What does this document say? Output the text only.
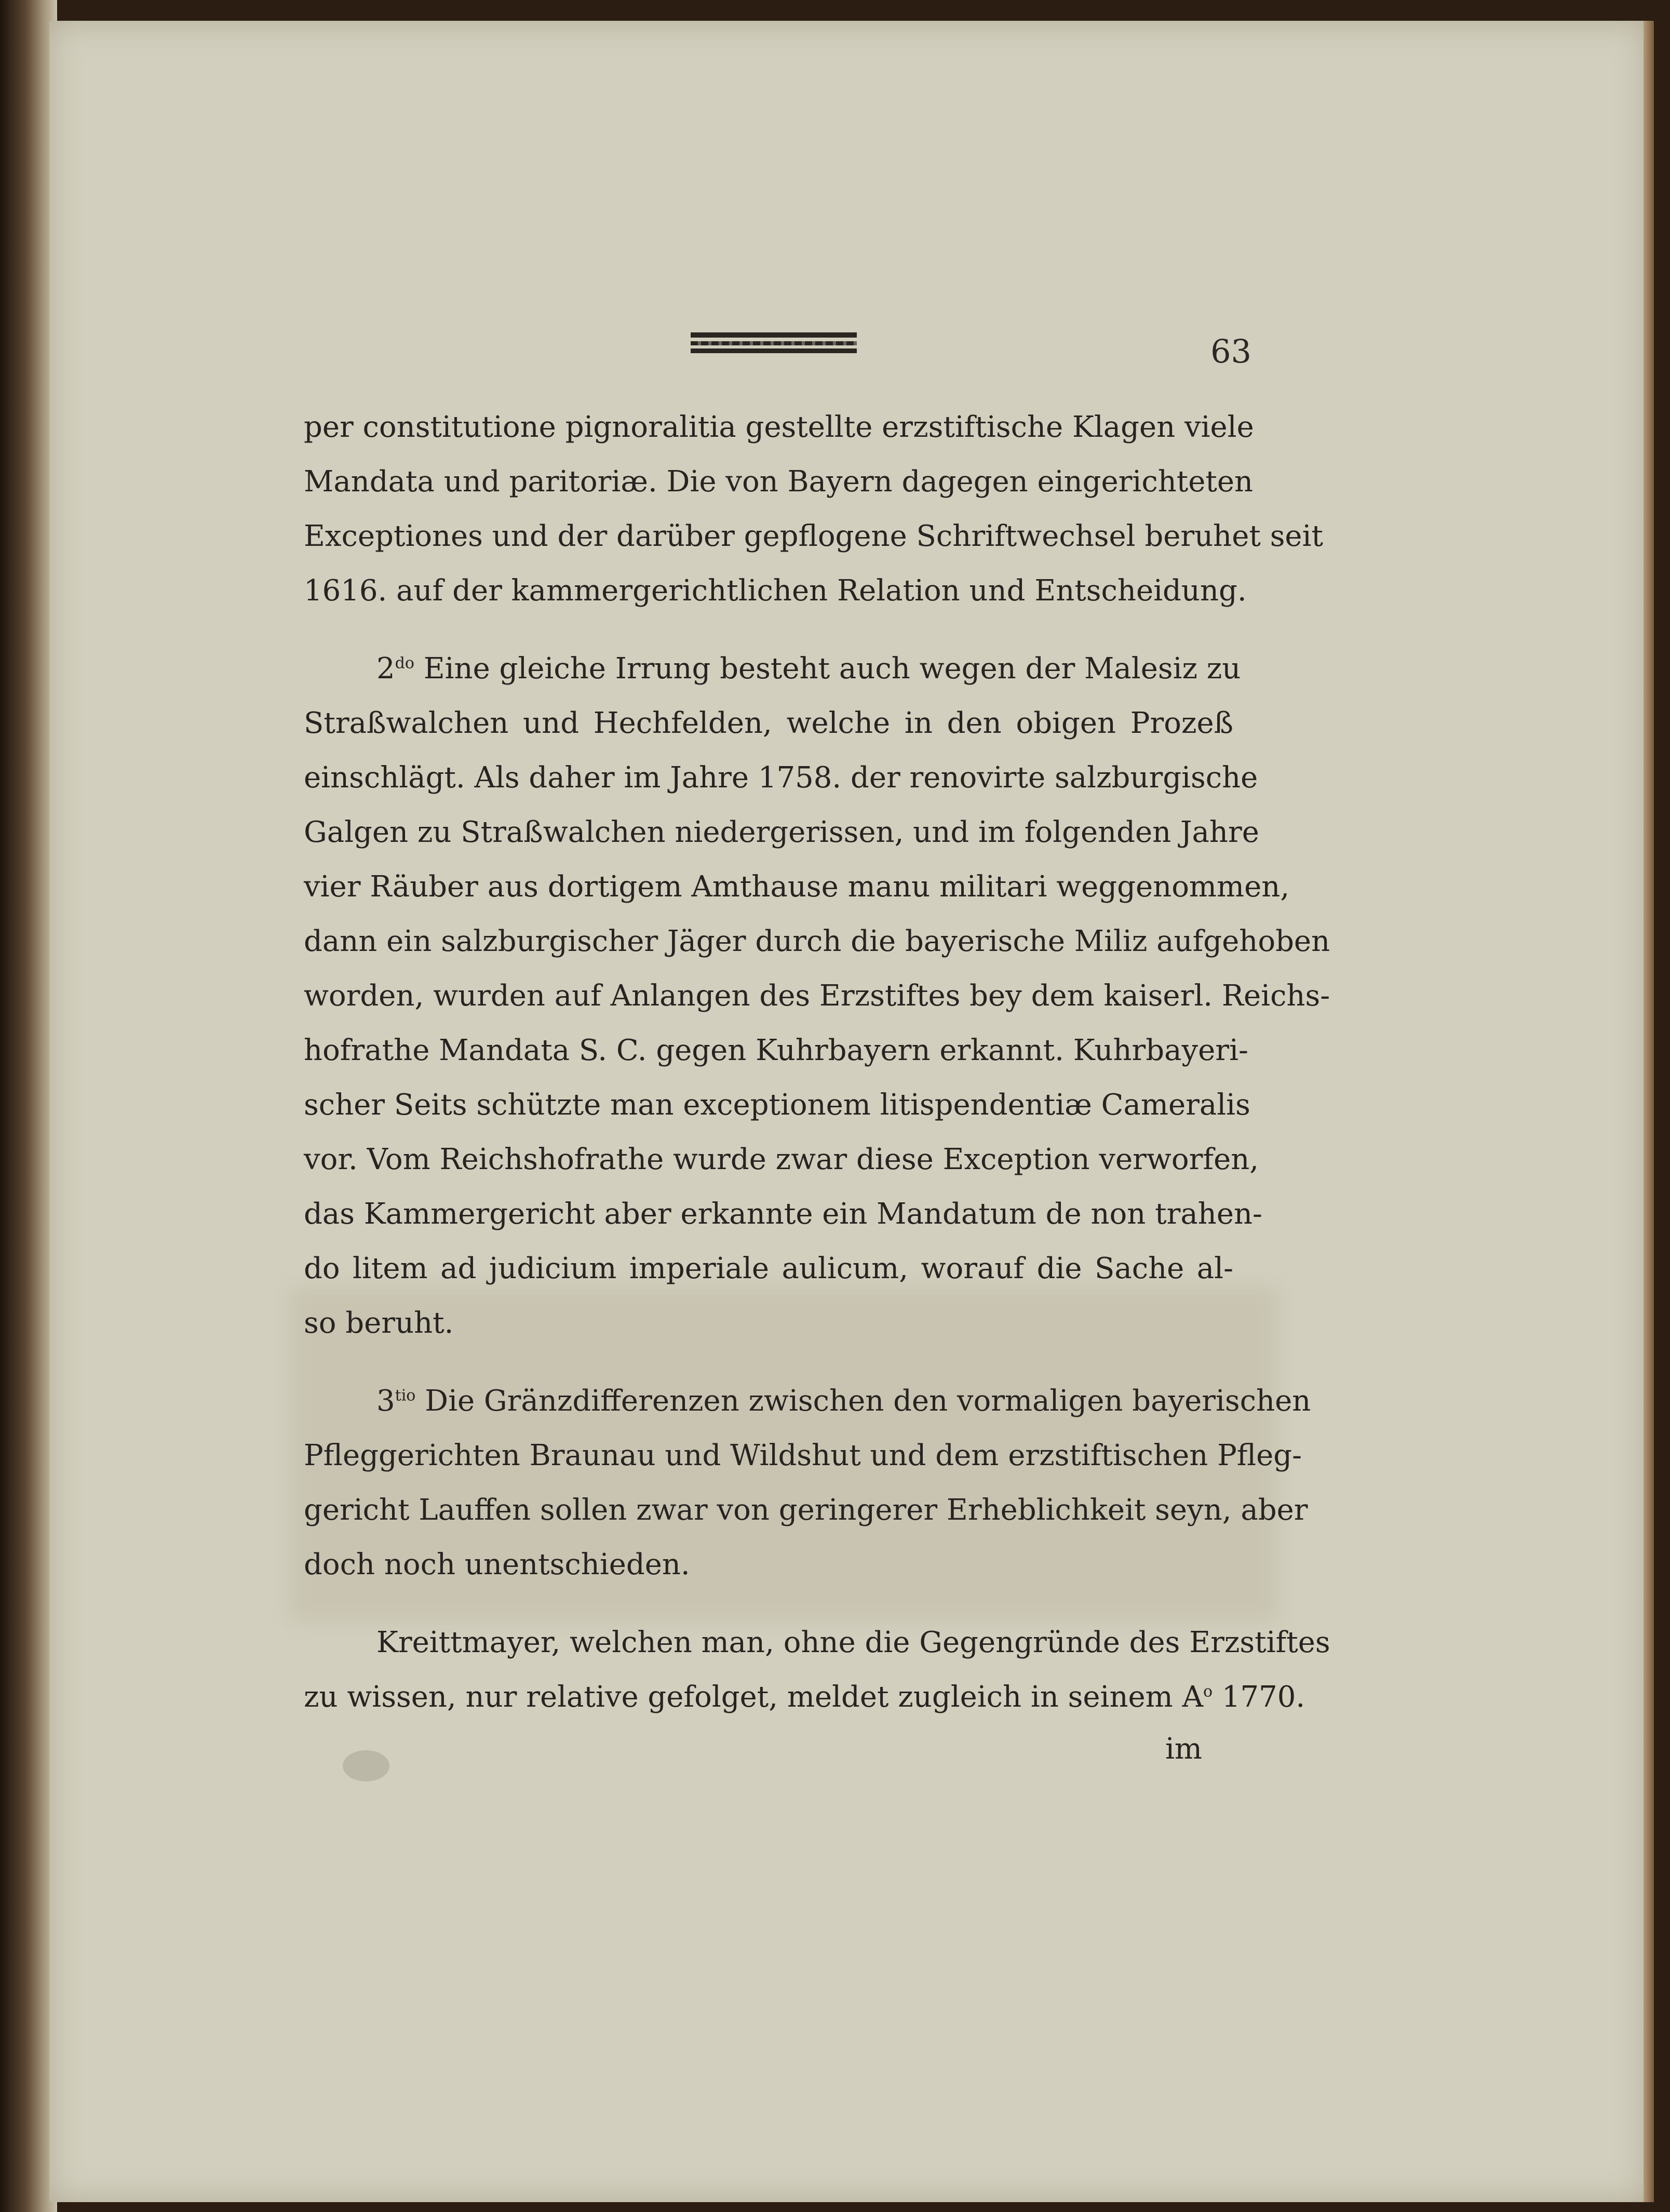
63
per constitutione pignoralitia gestellte erzstiftische Klagen viele
Mandata und paritoriæ. Die von Bayern dagegen eingerichteten
Exceptiones und der darüber gepflogene Schriftwechsel beruhet seit
1616. auf der kammergerichtlichen Relation und Entscheidung.
$2^{do}$ Eine gleiche Irrung besteht auch wegen der Malesiz zu
Straßwalchen und Hechfelden, welche in den obigen Prozeß
einschlägt. Als daher im Jahre 1758. der renovirte salzburgische
Galgen zu Straßwalchen niedergerissen, und im folgenden Jahre
vier Räuber aus dortigem Amthause manu militari weggenommen,
dann ein salzburgischer Jäger durch die bayerische Miliz aufgehoben
worden, wurden auf Anlangen des Erzstiftes bey dem kaiserl. Reichs-
hofrathe Mandata S. C. gegen Kuhrbayern erkannt. Kuhrbayeri-
scher Seits schützte man exceptionem litispendentiæ Cameralis
vor. Vom Reichshofrathe wurde zwar diese Exception verworfen,
das Kammergericht aber erkannte ein Mandatum de non trahen-
do litem ad judicium imperiale aulicum, worauf die Sache al-
so beruht.
$3^{tio}$ Die Gränzdifferenzen zwischen den vormaligen bayerischen
Pfleggerichten Braunau und Wildshut und dem erzstiftischen Pfleg-
gericht Lauffen sollen zwar von geringerer Erheblichkeit seyn, aber
doch noch unentschieden.
Kreittmayer, welchen man, ohne die Gegengründe des Erzstiftes
zu wissen, nur relative gefolget, meldet zugleich in seinem $A^o$ 1770.
im
